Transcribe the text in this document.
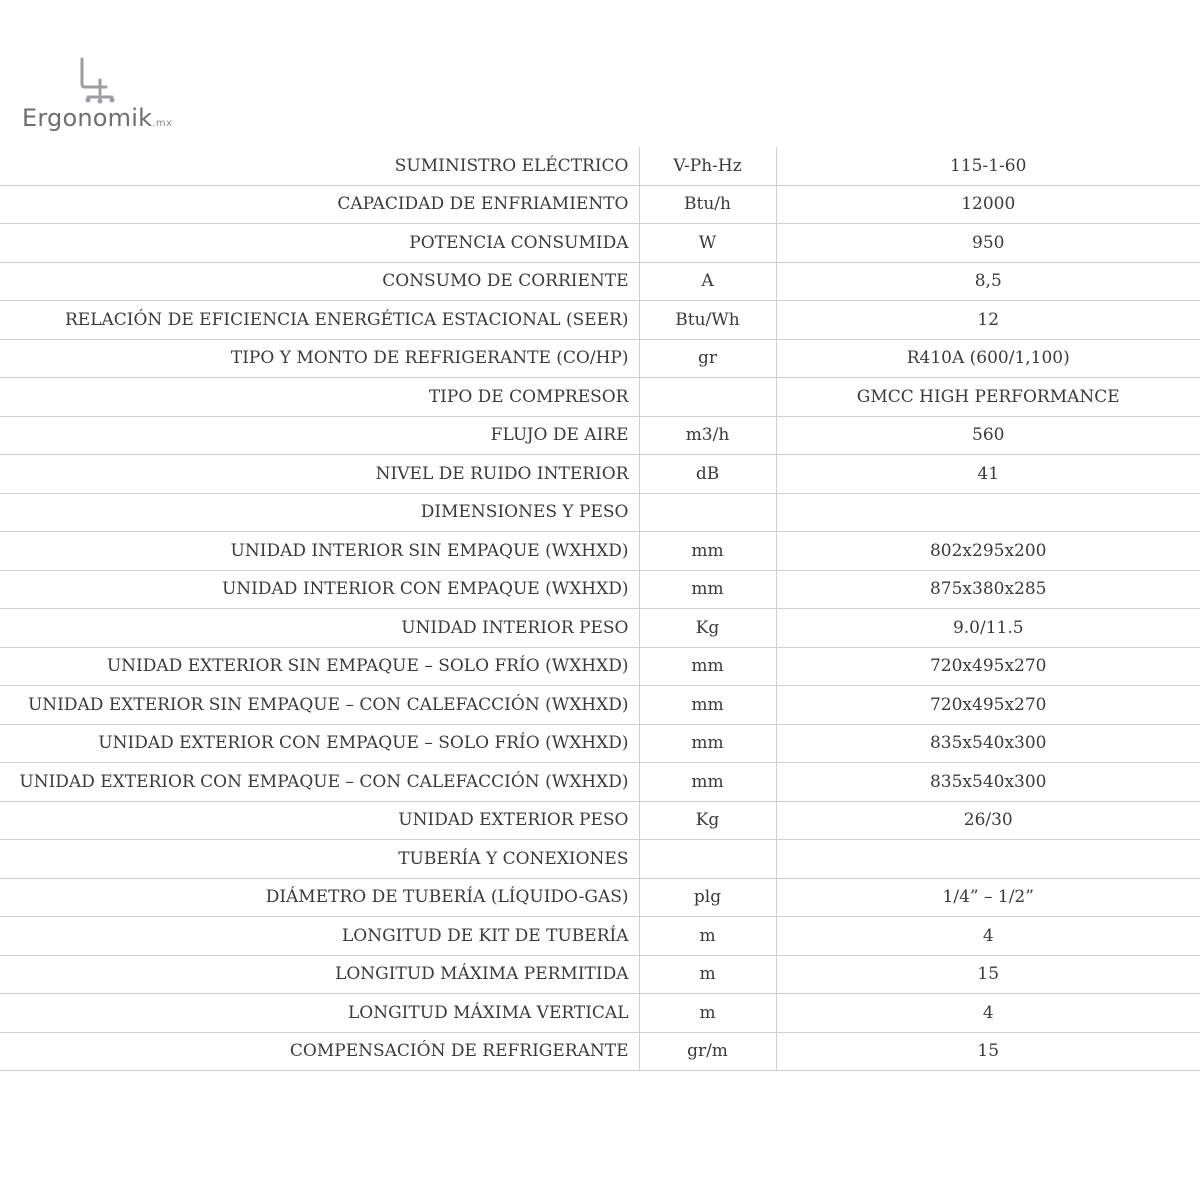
Ergonomik.mx
SUMINISTRO ELÉCTRICO	V-Ph-Hz	115-1-60
CAPACIDAD DE ENFRIAMIENTO	Btu/h	12000
POTENCIA CONSUMIDA	W	950
CONSUMO DE CORRIENTE	A	8,5
RELACIÓN DE EFICIENCIA ENERGÉTICA ESTACIONAL (SEER)	Btu/Wh	12
TIPO Y MONTO DE REFRIGERANTE (CO/HP)	gr	R410A (600/1,100)
TIPO DE COMPRESOR		GMCC HIGH PERFORMANCE
FLUJO DE AIRE	m3/h	560
NIVEL DE RUIDO INTERIOR	dB	41
DIMENSIONES Y PESO		
UNIDAD INTERIOR SIN EMPAQUE (WXHXD)	mm	802x295x200
UNIDAD INTERIOR CON EMPAQUE (WXHXD)	mm	875x380x285
UNIDAD INTERIOR PESO	Kg	9.0/11.5
UNIDAD EXTERIOR SIN EMPAQUE – SOLO FRÍO (WXHXD)	mm	720x495x270
UNIDAD EXTERIOR SIN EMPAQUE – CON CALEFACCIÓN (WXHXD)	mm	720x495x270
UNIDAD EXTERIOR CON EMPAQUE – SOLO FRÍO (WXHXD)	mm	835x540x300
UNIDAD EXTERIOR CON EMPAQUE – CON CALEFACCIÓN (WXHXD)	mm	835x540x300
UNIDAD EXTERIOR PESO	Kg	26/30
TUBERÍA Y CONEXIONES		
DIÁMETRO DE TUBERÍA (LÍQUIDO-GAS)	plg	1/4” – 1/2”
LONGITUD DE KIT DE TUBERÍA	m	4
LONGITUD MÁXIMA PERMITIDA	m	15
LONGITUD MÁXIMA VERTICAL	m	4
COMPENSACIÓN DE REFRIGERANTE	gr/m	15
